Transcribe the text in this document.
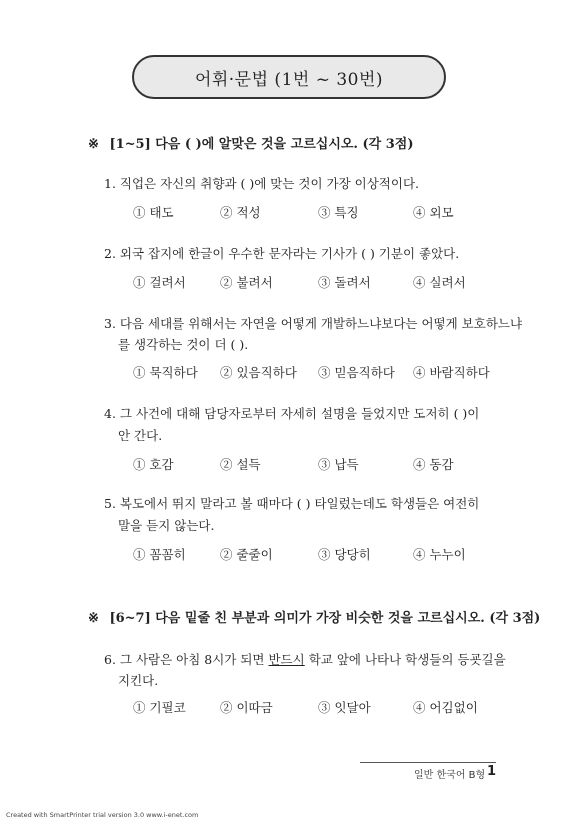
어휘·문법 (1번 ~ 30번)
※ [1~5] 다음 ( )에 알맞은 것을 고르십시오. (각 3점)
1. 직업은 자신의 취향과 ( )에 맞는 것이 가장 이상적이다.
① 태도	② 적성	③ 특징	④ 외모
2. 외국 잡지에 한글이 우수한 문자라는 기사가 ( ) 기분이 좋았다.
① 걸려서	② 불려서	③ 돌려서	④ 실려서
3. 다음 세대를 위해서는 자연을 어떻게 개발하느냐보다는 어떻게 보호하느냐
를 생각하는 것이 더 ( ).
① 묵직하다 ② 있음직하다 ③ 믿음직하다 ④ 바람직하다
4. 그 사건에 대해 담당자로부터 자세히 설명을 들었지만 도저히 ( )이
안 간다.
① 호감	② 설득	③ 납득	④ 동감
5. 복도에서 뛰지 말라고 볼 때마다 ( ) 타일렀는데도 학생들은 여전히
말을 듣지 않는다.
① 꼼꼼히	② 줄줄이	③ 당당히	④ 누누이
※ [6~7] 다음 밑줄 친 부분과 의미가 가장 비슷한 것을 고르십시오. (각 3점)
6. 그 사람은 아침 8시가 되면 반드시 학교 앞에 나타나 학생들의 등굣길을
지킨다.
① 기필코	② 이따금	③ 잇달아	④ 어김없이
일반 한국어 B형 1
Created with SmartPrinter trial version 3.0 www.i-enet.com
